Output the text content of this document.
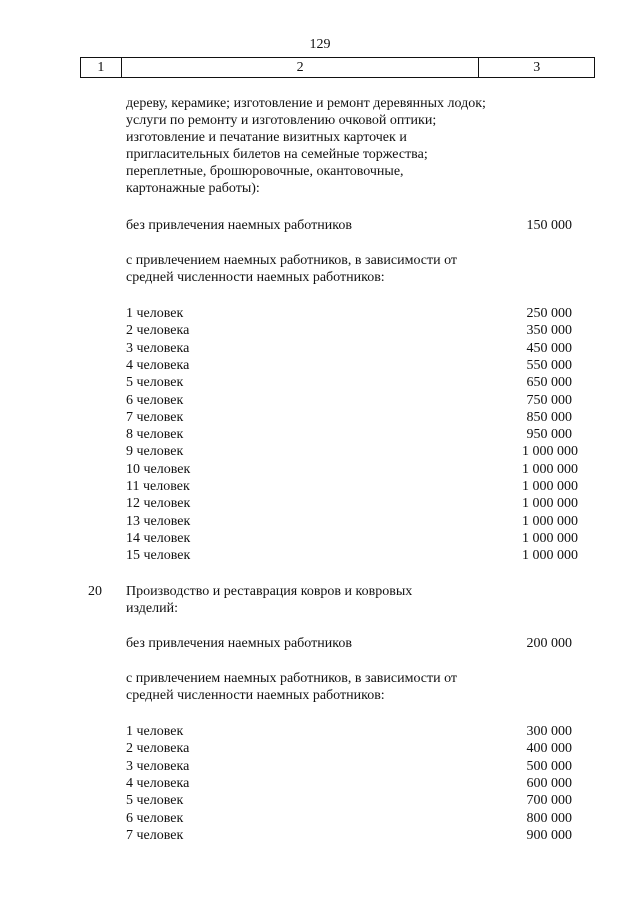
129
1	2	3
дереву, керамике; изготовление и ремонт деревянных лодок; услуги по ремонту и изготовлению очковой оптики; изготовление и печатание визитных карточек и пригласительных билетов на семейные торжества; переплетные, брошюровочные, окантовочные, картонажные работы):
без привлечения наемных работников	150 000
с привлечением наемных работников, в зависимости от средней численности наемных работников:
1 человек	250 000
2 человека	350 000
3 человека	450 000
4 человека	550 000
5 человек	650 000
6 человек	750 000
7 человек	850 000
8 человек	950 000
9 человек	1 000 000
10 человек	1 000 000
11 человек	1 000 000
12 человек	1 000 000
13 человек	1 000 000
14 человек	1 000 000
15 человек	1 000 000
20 Производство и реставрация ковров и ковровых изделий:
без привлечения наемных работников	200 000
с привлечением наемных работников, в зависимости от средней численности наемных работников:
1 человек	300 000
2 человека	400 000
3 человека	500 000
4 человека	600 000
5 человек	700 000
6 человек	800 000
7 человек	900 000
